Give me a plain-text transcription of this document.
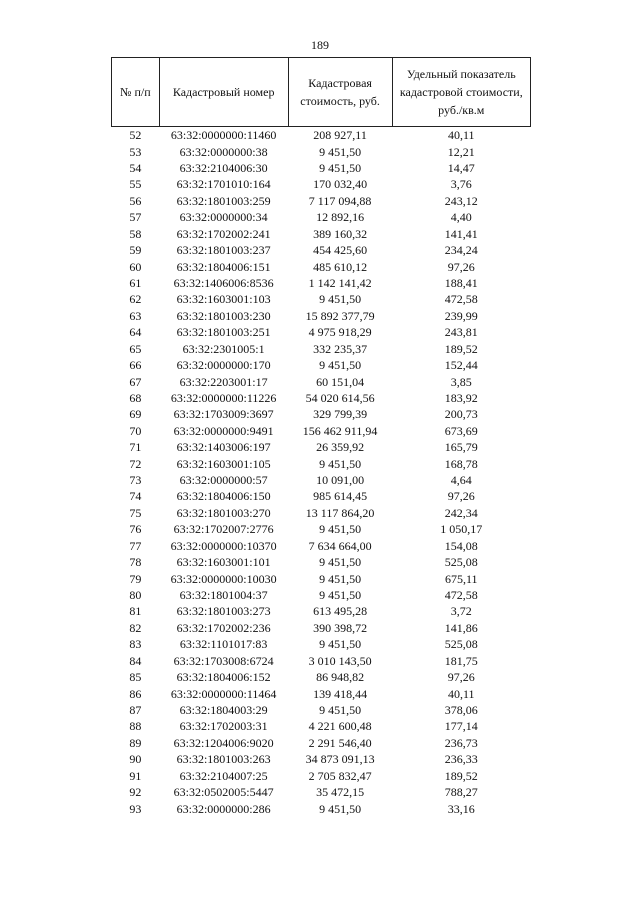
189
№ п/п	Кадастровый номер	Кадастровая стоимость, руб.	Удельный показатель кадастровой стоимости, руб./кв.м
52	63:32:0000000:11460	208 927,11	40,11
53	63:32:0000000:38	9 451,50	12,21
54	63:32:2104006:30	9 451,50	14,47
55	63:32:1701010:164	170 032,40	3,76
56	63:32:1801003:259	7 117 094,88	243,12
57	63:32:0000000:34	12 892,16	4,40
58	63:32:1702002:241	389 160,32	141,41
59	63:32:1801003:237	454 425,60	234,24
60	63:32:1804006:151	485 610,12	97,26
61	63:32:1406006:8536	1 142 141,42	188,41
62	63:32:1603001:103	9 451,50	472,58
63	63:32:1801003:230	15 892 377,79	239,99
64	63:32:1801003:251	4 975 918,29	243,81
65	63:32:2301005:1	332 235,37	189,52
66	63:32:0000000:170	9 451,50	152,44
67	63:32:2203001:17	60 151,04	3,85
68	63:32:0000000:11226	54 020 614,56	183,92
69	63:32:1703009:3697	329 799,39	200,73
70	63:32:0000000:9491	156 462 911,94	673,69
71	63:32:1403006:197	26 359,92	165,79
72	63:32:1603001:105	9 451,50	168,78
73	63:32:0000000:57	10 091,00	4,64
74	63:32:1804006:150	985 614,45	97,26
75	63:32:1801003:270	13 117 864,20	242,34
76	63:32:1702007:2776	9 451,50	1 050,17
77	63:32:0000000:10370	7 634 664,00	154,08
78	63:32:1603001:101	9 451,50	525,08
79	63:32:0000000:10030	9 451,50	675,11
80	63:32:1801004:37	9 451,50	472,58
81	63:32:1801003:273	613 495,28	3,72
82	63:32:1702002:236	390 398,72	141,86
83	63:32:1101017:83	9 451,50	525,08
84	63:32:1703008:6724	3 010 143,50	181,75
85	63:32:1804006:152	86 948,82	97,26
86	63:32:0000000:11464	139 418,44	40,11
87	63:32:1804003:29	9 451,50	378,06
88	63:32:1702003:31	4 221 600,48	177,14
89	63:32:1204006:9020	2 291 546,40	236,73
90	63:32:1801003:263	34 873 091,13	236,33
91	63:32:2104007:25	2 705 832,47	189,52
92	63:32:0502005:5447	35 472,15	788,27
93	63:32:0000000:286	9 451,50	33,16
